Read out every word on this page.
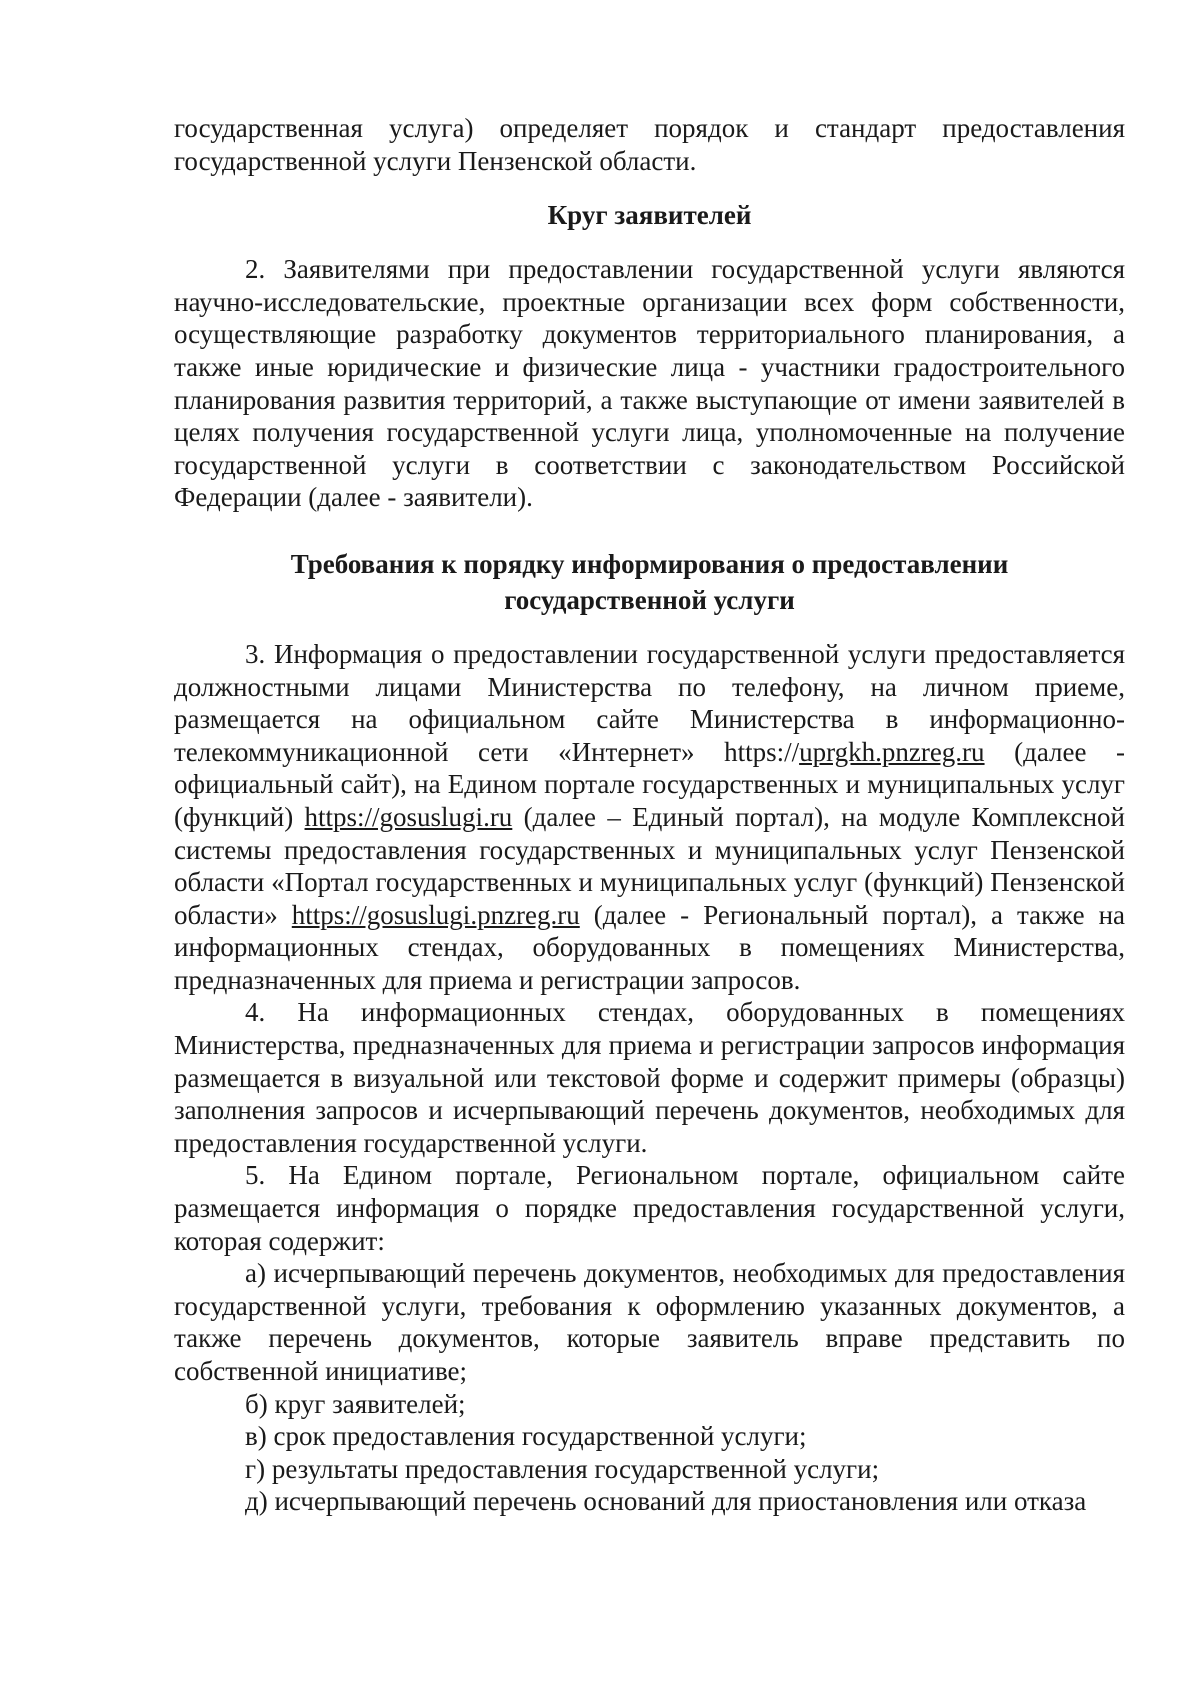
государственная услуга) определяет порядок и стандарт предоставления государственной услуги Пензенской области.

Круг заявителей

2. Заявителями при предоставлении государственной услуги являются научно-исследовательские, проектные организации всех форм собственности, осуществляющие разработку документов территориального планирования, а также иные юридические и физические лица - участники градостроительного планирования развития территорий, а также выступающие от имени заявителей в целях получения государственной услуги лица, уполномоченные на получение государственной услуги в соответствии с законодательством Российской Федерации (далее - заявители).

Требования к порядку информирования о предоставлении
государственной услуги

3. Информация о предоставлении государственной услуги предоставляется должностными лицами Министерства по телефону, на личном приеме, размещается на официальном сайте Министерства в информационно-телекоммуникационной сети «Интернет» https://uprgkh.pnzreg.ru (далее - официальный сайт), на Едином портале государственных и муниципальных услуг (функций) https://gosuslugi.ru (далее – Единый портал), на модуле Комплексной системы предоставления государственных и муниципальных услуг Пензенской области «Портал государственных и муниципальных услуг (функций) Пензенской области» https://gosuslugi.pnzreg.ru (далее - Региональный портал), а также на информационных стендах, оборудованных в помещениях Министерства, предназначенных для приема и регистрации запросов.

4. На информационных стендах, оборудованных в помещениях Министерства, предназначенных для приема и регистрации запросов информация размещается в визуальной или текстовой форме и содержит примеры (образцы) заполнения запросов и исчерпывающий перечень документов, необходимых для предоставления государственной услуги.

5. На Едином портале, Региональном портале, официальном сайте размещается информация о порядке предоставления государственной услуги, которая содержит:

а) исчерпывающий перечень документов, необходимых для предоставления государственной услуги, требования к оформлению указанных документов, а также перечень документов, которые заявитель вправе представить по собственной инициативе;

б) круг заявителей;

в) срок предоставления государственной услуги;

г) результаты предоставления государственной услуги;

д) исчерпывающий перечень оснований для приостановления или отказа
